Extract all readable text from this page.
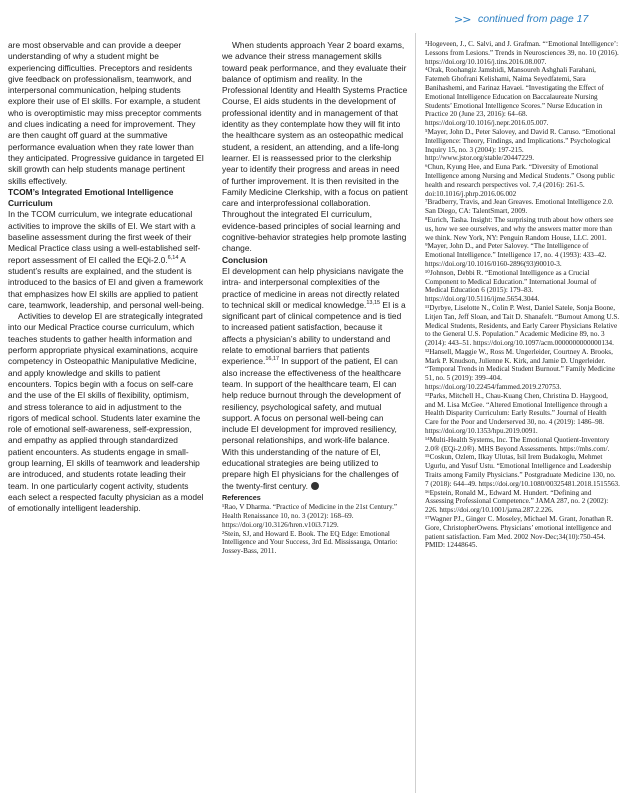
>> continued from page 17

are most observable and can provide a deeper understanding of why a student might be experiencing difficulties. Preceptors and residents give feedback on professionalism, teamwork, and interpersonal communication, helping students explore their use of EI skills. For example, a student who is overoptimistic may miss preceptor comments and clues indicating a need for improvement. They are then caught off guard at the summative performance evaluation when they rate lower than they anticipated. Progressive guidance in targeted EI skill growth can help students manage pertinent skills effectively.

TCOM’s Integrated Emotional Intelligence Curriculum

In the TCOM curriculum, we integrate educational activities to improve the skills of EI. We start with a baseline assessment during the first week of their Medical Practice class using a well-established self-report assessment of EI called the EQi-2.0.$^{6,14}$ A student’s results are explained, and the student is introduced to the basics of EI and given a framework that emphasizes how EI skills are applied to patient care, teamwork, leadership, and personal well-being.

Activities to develop EI are strategically integrated into our Medical Practice course curriculum, which teaches students to gather health information and perform appropriate physical examinations, acquire competency in Osteopathic Manipulative Medicine, and apply knowledge and skills to patient encounters. Topics begin with a focus on self-care and the use of the EI skills of flexibility, optimism, and stress tolerance to aid in adjustment to the rigors of medical school. Students later examine the role of emotional self-awareness, self-expression, and empathy as applied through standardized patient encounters. As students engage in small-group learning, EI skills of teamwork and leadership are introduced, and students rotate leading their team. In one particularly cogent activity, students each select a respected faculty physician as a model of emotionally intelligent leadership.

When students approach Year 2 board exams, we advance their stress management skills toward peak performance, and they evaluate their balance of optimism and reality. In the Professional Identity and Health Systems Practice Course, EI aids students in the development of professional identity and in management of that identity as they contemplate how they will fit into the healthcare system as an osteopathic medical student, a resident, an attending, and a life-long learner. EI is reassessed prior to the clerkship year to identify their progress and areas in need of further improvement. It is then revisited in the Family Medicine Clerkship, with a focus on patient care and interprofessional collaboration. Throughout the integrated EI curriculum, evidence-based principles of social learning and cognitive-behavior strategies help promote lasting change.

Conclusion

EI development can help physicians navigate the intra- and interpersonal complexities of the practice of medicine in areas not directly related to technical skill or medical knowledge.$^{13,15}$ EI is a significant part of clinical competence and is tied to increased patient satisfaction, because it affects a physician’s ability to understand and relate to emotional barriers that patients experience.$^{16,17}$ In support of the patient, EI can also increase the effectiveness of the healthcare team. In support of the healthcare team, EI can help reduce burnout through the development of resiliency, psychological safety, and mutual support. A focus on personal well-being can include EI development for improved resiliency, personal relationships, and work-life balance. With this understanding of the nature of EI, educational strategies are being utilized to prepare high EI physicians for the challenges of the twenty-first century.

References

¹Rao, V Dharma. “Practice of Medicine in the 21st Century.” Health Renaissance 10, no. 3 (2012): 168–69. https://doi.org/10.3126/hren.v10i3.7129.

²Stein, SJ, and Howard E. Book. The EQ Edge: Emotional Intelligence and Your Success, 3rd Ed. Mississauga, Ontario: Jossey-Bass, 2011.

³Hogeveen, J., C. Salvi, and J. Grafman. “‘Emotional Intelligence’: Lessons from Lesions.” Trends in Neurosciences 39, no. 10 (2016). https://doi.org/10.1016/j.tins.2016.08.007.

⁴Orak, Roohangiz Jamshidi, Mansoureh Ashghali Farahani, Fatemeh Ghofrani Kelishami, Naima Seyedfatemi, Sara Banihashemi, and Farinaz Havaei. “Investigating the Effect of Emotional Intelligence Education on Baccalaureate Nursing Students’ Emotional Intelligence Scores.” Nurse Education in Practice 20 (June 23, 2016): 64–68. https://doi.org/10.1016/j.nepr.2016.05.007.

⁵Mayer, John D., Peter Salovey, and David R. Caruso. “Emotional Intelligence: Theory, Findings, and Implications.” Psychological Inquiry 15, no. 3 (2004): 197-215. http://www.jstor.org/stable/20447229.

⁶Chun, Kyung Hee, and Euna Park. “Diversity of Emotional Intelligence among Nursing and Medical Students.” Osong public health and research perspectives vol. 7,4 (2016): 261-5. doi:10.1016/j.phrp.2016.06.002

⁷Bradberry, Travis, and Jean Greaves. Emotional Intelligence 2.0. San Diego, CA: TalentSmart, 2009.

⁸Eurich, Tasha. Insight: The surprising truth about how others see us, how we see ourselves, and why the answers matter more than we think. New York, NY: Penguin Random House, LLC. 2001.

⁹Mayer, John D., and Peter Salovey. “The Intelligence of Emotional Intelligence.” Intelligence 17, no. 4 (1993): 433–42. https://doi.org/10.1016/0160-2896(93)90010-3.

¹⁰Johnson, Debbi R. “Emotional Intelligence as a Crucial Component to Medical Education.” International Journal of Medical Education 6 (2015): 179–83. https://doi.org/10.5116/ijme.5654.3044.

¹¹Dyrbye, Liselotte N., Colin P. West, Daniel Satele, Sonja Boone, Litjen Tan, Jeff Sloan, and Tait D. Shanafelt. “Burnout Among U.S. Medical Students, Residents, and Early Career Physicians Relative to the General U.S. Population.” Academic Medicine 89, no. 3 (2014): 443–51. https://doi.org/10.1097/acm.0000000000000134.

¹²Hansell, Maggie W., Ross M. Ungerleider, Courtney A. Brooks, Mark P. Knudson, Julienne K. Kirk, and Jamie D. Ungerleider. “Temporal Trends in Medical Student Burnout.” Family Medicine 51, no. 5 (2019): 399–404. https://doi.org/10.22454/fammed.2019.270753.

¹³Parks, Mitchell H., Chau-Kuang Chen, Christina D. Haygood, and M. Lisa McGee. “Altered Emotional Intelligence through a Health Disparity Curriculum: Early Results.” Journal of Health Care for the Poor and Underserved 30, no. 4 (2019): 1486–98. https://doi.org/10.1353/hpu.2019.0091.

¹⁴Multi-Health Systems, Inc. The Emotional Quotient-Inventory 2.0® (EQi-2.0®). MHS Beyond Assessments. https://mhs.com/.

¹⁵Coskun, Ozlem, Ilkay Ulutas, Isil Irem Budakoglu, Mehmet Ugurlu, and Yusuf Ustu. “Emotional Intelligence and Leadership Traits among Family Physicians.” Postgraduate Medicine 130, no. 7 (2018): 644–49. https://doi.org/10.1080/00325481.2018.1515563.

¹⁶Epstein, Ronald M., Edward M. Hundert. “Defining and Assessing Professional Competence.” JAMA 287, no. 2 (2002): 226. https://doi.org/10.1001/jama.287.2.226.

¹⁷Wagner PJ., Ginger C. Moseley, Michael M. Grant, Jonathan R. Gore, ChristopherOwens. Physicians’ emotional intelligence and patient satisfaction. Fam Med. 2002 Nov-Dec;34(10):750-454. PMID: 12448645.
